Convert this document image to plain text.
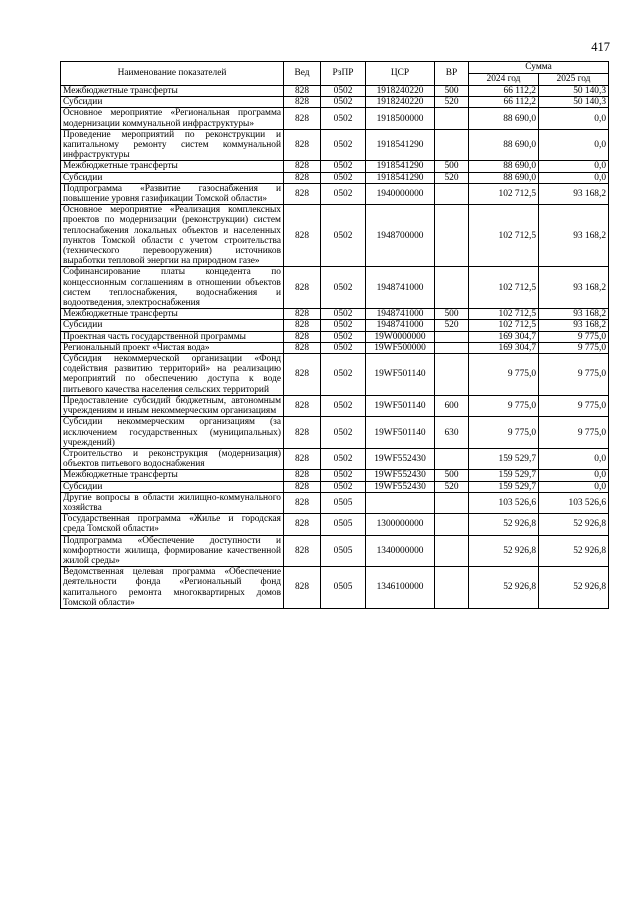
417
Наименование показателей	Вед	РзПР	ЦСР	ВР	Сумма	
					2024 год	2025 год
Межбюджетные трансферты	828	0502	1918240220	500	66 112,2	50 140,3
Субсидии	828	0502	1918240220	520	66 112,2	50 140,3
Основное мероприятие «Региональная программа модернизации коммунальной инфраструктуры»	828	0502	1918500000		88 690,0	0,0
Проведение мероприятий по реконструкции и капитальному ремонту систем коммунальной инфраструктуры	828	0502	1918541290		88 690,0	0,0
Межбюджетные трансферты	828	0502	1918541290	500	88 690,0	0,0
Субсидии	828	0502	1918541290	520	88 690,0	0,0
Подпрограмма «Развитие газоснабжения и повышение уровня газификации Томской области»	828	0502	1940000000		102 712,5	93 168,2
Основное мероприятие «Реализация комплексных проектов по модернизации (реконструкции) систем теплоснабжения локальных объектов и населенных пунктов Томской области с учетом строительства (технического перевооружения) источников выработки тепловой энергии на природном газе»	828	0502	1948700000		102 712,5	93 168,2
Софинансирование платы концедента по концессионным соглашениям в отношении объектов систем теплоснабжения, водоснабжения и водоотведения, электроснабжения	828	0502	1948741000		102 712,5	93 168,2
Межбюджетные трансферты	828	0502	1948741000	500	102 712,5	93 168,2
Субсидии	828	0502	1948741000	520	102 712,5	93 168,2
Проектная часть государственной программы	828	0502	19W0000000		169 304,7	9 775,0
Региональный проект «Чистая вода»	828	0502	19WF500000		169 304,7	9 775,0
Субсидия некоммерческой организации «Фонд содействия развитию территорий» на реализацию мероприятий по обеспечению доступа к воде питьевого качества населения сельских территорий	828	0502	19WF501140		9 775,0	9 775,0
Предоставление субсидий бюджетным, автономным учреждениям и иным некоммерческим организациям	828	0502	19WF501140	600	9 775,0	9 775,0
Субсидии некоммерческим организациям (за исключением государственных (муниципальных) учреждений)	828	0502	19WF501140	630	9 775,0	9 775,0
Строительство и реконструкция (модернизация) объектов питьевого водоснабжения	828	0502	19WF552430		159 529,7	0,0
Межбюджетные трансферты	828	0502	19WF552430	500	159 529,7	0,0
Субсидии	828	0502	19WF552430	520	159 529,7	0,0
Другие вопросы в области жилищно-коммунального хозяйства	828	0505			103 526,6	103 526,6
Государственная программа «Жилье и городская среда Томской области»	828	0505	1300000000		52 926,8	52 926,8
Подпрограмма «Обеспечение доступности и комфортности жилища, формирование качественной жилой среды»	828	0505	1340000000		52 926,8	52 926,8
Ведомственная целевая программа «Обеспечение деятельности фонда «Региональный фонд капитального ремонта многоквартирных домов Томской области»	828	0505	1346100000		52 926,8	52 926,8
